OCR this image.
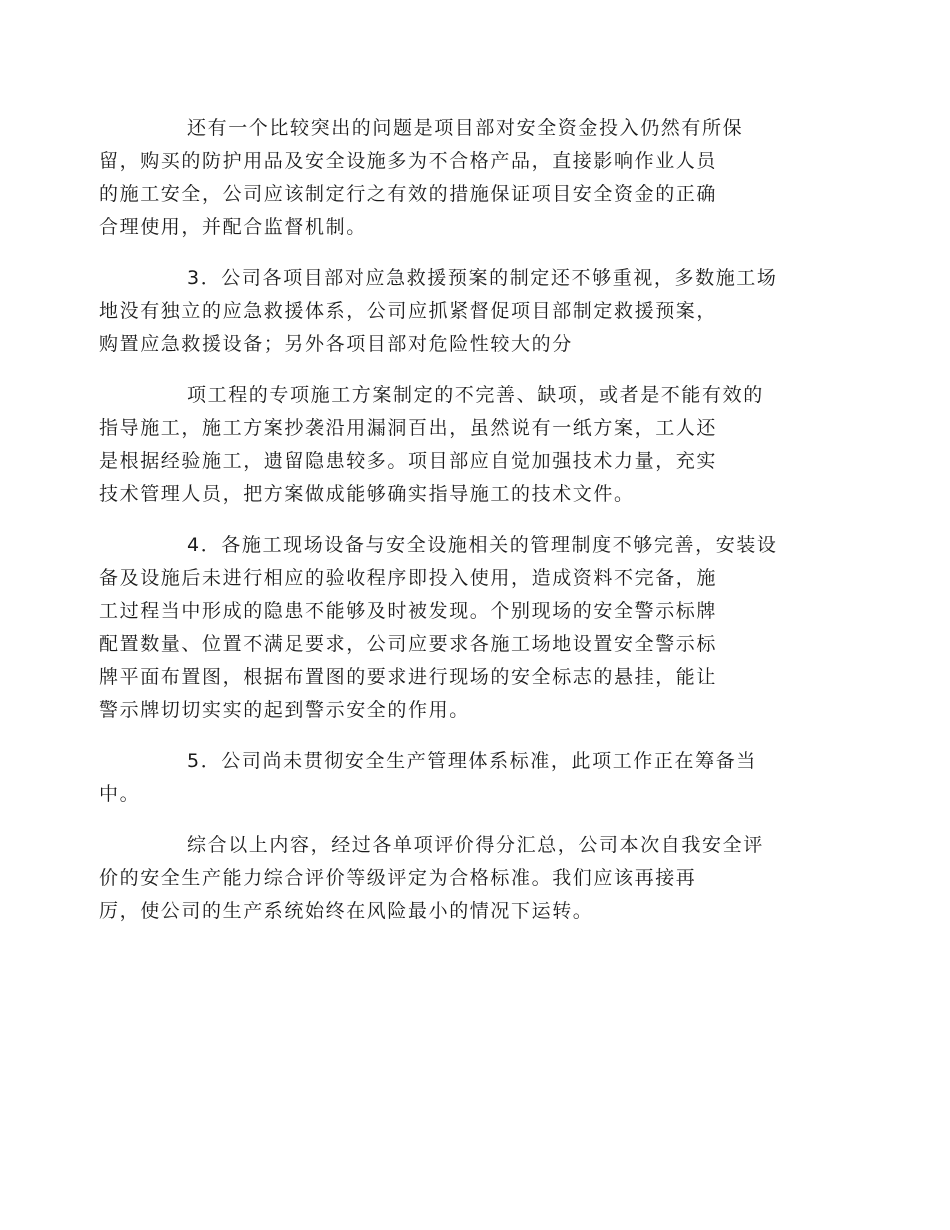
还有一个比较突出的问题是项目部对安全资金投入仍然有所保
留，购买的防护用品及安全设施多为不合格产品，直接影响作业人员
的施工安全，公司应该制定行之有效的措施保证项目安全资金的正确
合理使用，并配合监督机制。

3．公司各项目部对应急救援预案的制定还不够重视，多数施工场
地没有独立的应急救援体系，公司应抓紧督促项目部制定救援预案，
购置应急救援设备；另外各项目部对危险性较大的分

项工程的专项施工方案制定的不完善、缺项，或者是不能有效的
指导施工，施工方案抄袭沿用漏洞百出，虽然说有一纸方案，工人还
是根据经验施工，遗留隐患较多。项目部应自觉加强技术力量，充实
技术管理人员，把方案做成能够确实指导施工的技术文件。

4．各施工现场设备与安全设施相关的管理制度不够完善，安装设
备及设施后未进行相应的验收程序即投入使用，造成资料不完备，施
工过程当中形成的隐患不能够及时被发现。个别现场的安全警示标牌
配置数量、位置不满足要求，公司应要求各施工场地设置安全警示标
牌平面布置图，根据布置图的要求进行现场的安全标志的悬挂，能让
警示牌切切实实的起到警示安全的作用。

5．公司尚未贯彻安全生产管理体系标准，此项工作正在筹备当
中。

综合以上内容，经过各单项评价得分汇总，公司本次自我安全评
价的安全生产能力综合评价等级评定为合格标准。我们应该再接再
厉，使公司的生产系统始终在风险最小的情况下运转。
